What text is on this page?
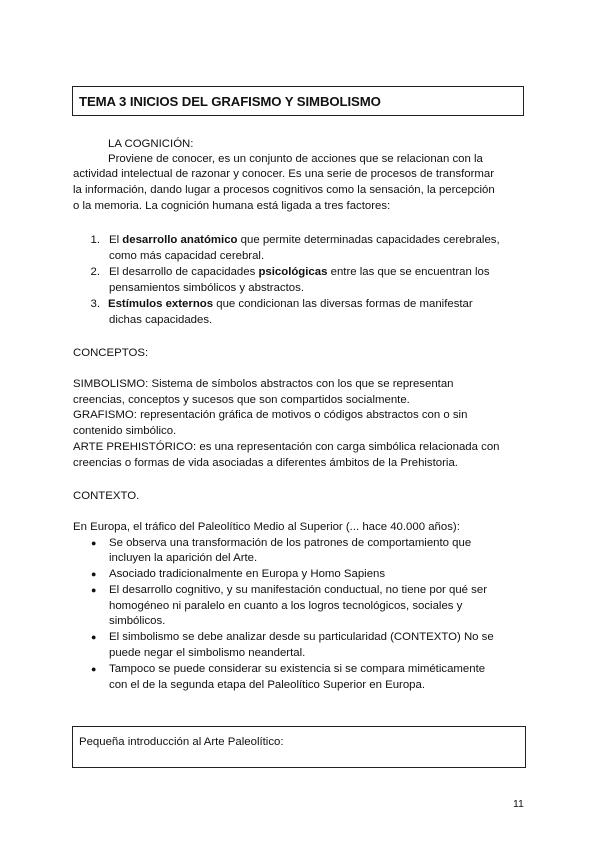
TEMA 3 INICIOS DEL GRAFISMO Y SIMBOLISMO
LA COGNICIÓN:
Proviene de conocer, es un conjunto de acciones que se relacionan con la
actividad intelectual de razonar y conocer. Es una serie de procesos de transformar
la información, dando lugar a procesos cognitivos como la sensación, la percepción
o la memoria. La cognición humana está ligada a tres factores:
1. El desarrollo anatómico que permite determinadas capacidades cerebrales,
como más capacidad cerebral.
2. El desarrollo de capacidades psicológicas entre las que se encuentran los
pensamientos simbólicos y abstractos.
3. Estímulos externos que condicionan las diversas formas de manifestar
dichas capacidades.
CONCEPTOS:
SIMBOLISMO: Sistema de símbolos abstractos con los que se representan
creencias, conceptos y sucesos que son compartidos socialmente.
GRAFISMO: representación gráfica de motivos o códigos abstractos con o sin
contenido simbólico.
ARTE PREHISTÓRICO: es una representación con carga simbólica relacionada con
creencias o formas de vida asociadas a diferentes ámbitos de la Prehistoria.
CONTEXTO.
En Europa, el tráfico del Paleolítico Medio al Superior (... hace 40.000 años):
● Se observa una transformación de los patrones de comportamiento que
incluyen la aparición del Arte.
● Asociado tradicionalmente en Europa y Homo Sapiens
● El desarrollo cognitivo, y su manifestación conductual, no tiene por qué ser
homogéneo ni paralelo en cuanto a los logros tecnológicos, sociales y
simbólicos.
● El simbolismo se debe analizar desde su particularidad (CONTEXTO) No se
puede negar el simbolismo neandertal.
● Tampoco se puede considerar su existencia si se compara miméticamente
con el de la segunda etapa del Paleolítico Superior en Europa.
Pequeña introducción al Arte Paleolítico:
11
